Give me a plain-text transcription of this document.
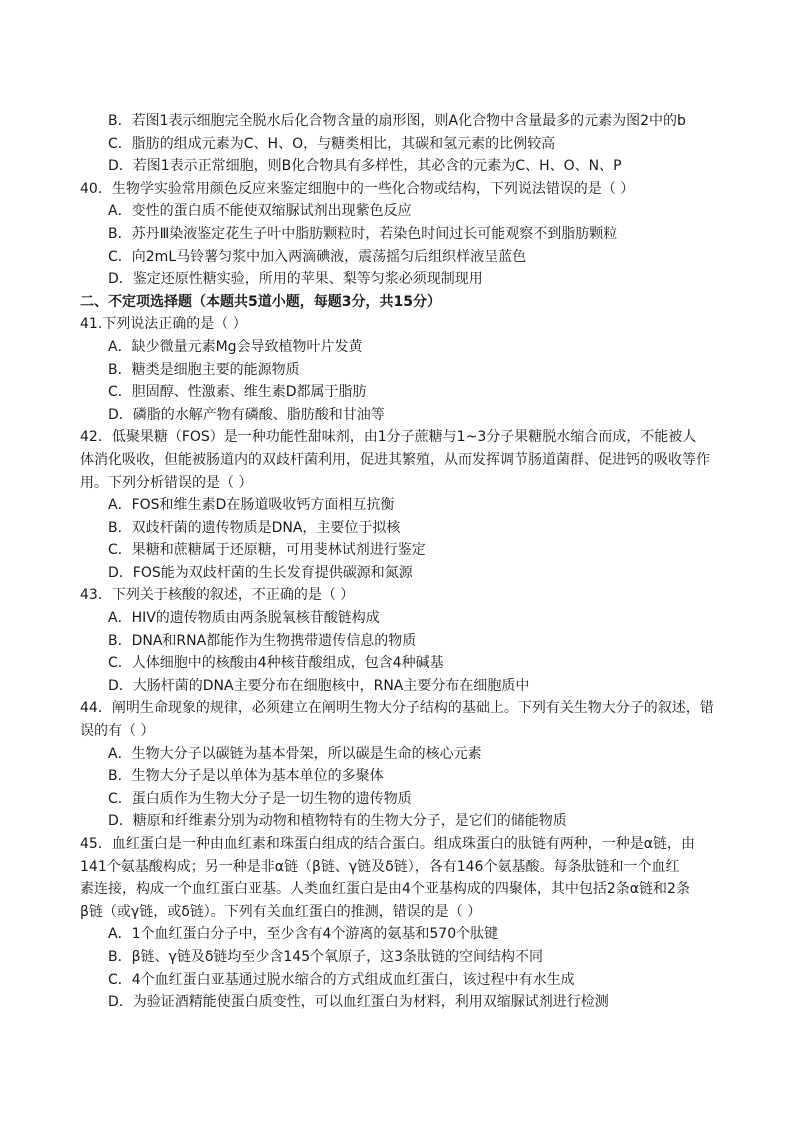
B．若图1表示细胞完全脱水后化合物含量的扇形图，则A化合物中含量最多的元素为图2中的b
C．脂肪的组成元素为C、H、O，与糖类相比，其碳和氢元素的比例较高
D．若图1表示正常细胞，则B化合物具有多样性，其必含的元素为C、H、O、N、P
40．生物学实验常用颜色反应来鉴定细胞中的一些化合物或结构，下列说法错误的是（ ）
A．变性的蛋白质不能使双缩脲试剂出现紫色反应
B．苏丹Ⅲ染液鉴定花生子叶中脂肪颗粒时，若染色时间过长可能观察不到脂肪颗粒
C．向2mL马铃薯匀浆中加入两滴碘液，震荡摇匀后组织样液呈蓝色
D．鉴定还原性糖实验，所用的苹果、梨等匀浆必须现制现用
二、不定项选择题（本题共5道小题，每题3分，共15分）
41.下列说法正确的是（ ）
A．缺少微量元素Mg会导致植物叶片发黄
B．糖类是细胞主要的能源物质
C．胆固醇、性激素、维生素D都属于脂肪
D．磷脂的水解产物有磷酸、脂肪酸和甘油等
42．低聚果糖（FOS）是一种功能性甜味剂，由1分子蔗糖与1~3分子果糖脱水缩合而成，不能被人
体消化吸收，但能被肠道内的双歧杆菌利用，促进其繁殖，从而发挥调节肠道菌群、促进钙的吸收等作
用。下列分析错误的是（ ）
A．FOS和维生素D在肠道吸收钙方面相互抗衡
B．双歧杆菌的遗传物质是DNA，主要位于拟核
C．果糖和蔗糖属于还原糖，可用斐林试剂进行鉴定
D．FOS能为双歧杆菌的生长发育提供碳源和氮源
43．下列关于核酸的叙述，不正确的是（ ）
A．HIV的遗传物质由两条脱氧核苷酸链构成
B．DNA和RNA都能作为生物携带遗传信息的物质
C．人体细胞中的核酸由4种核苷酸组成，包含4种碱基
D．大肠杆菌的DNA主要分布在细胞核中，RNA主要分布在细胞质中
44．阐明生命现象的规律，必须建立在阐明生物大分子结构的基础上。下列有关生物大分子的叙述，错
误的有（ ）
A．生物大分子以碳链为基本骨架，所以碳是生命的核心元素
B．生物大分子是以单体为基本单位的多聚体
C．蛋白质作为生物大分子是一切生物的遗传物质
D．糖原和纤维素分别为动物和植物特有的生物大分子，是它们的储能物质
45．血红蛋白是一种由血红素和珠蛋白组成的结合蛋白。组成珠蛋白的肽链有两种，一种是α链，由
141个氨基酸构成；另一种是非α链（β链、γ链及δ链），各有146个氨基酸。每条肽链和一个血红
素连接，构成一个血红蛋白亚基。人类血红蛋白是由4个亚基构成的四聚体，其中包括2条α链和2条
β链（或γ链，或δ链）。下列有关血红蛋白的推测，错误的是（ ）
A．1个血红蛋白分子中，至少含有4个游离的氨基和570个肽键
B．β链、γ链及δ链均至少含145个氧原子，这3条肽链的空间结构不同
C．4个血红蛋白亚基通过脱水缩合的方式组成血红蛋白，该过程中有水生成
D．为验证酒精能使蛋白质变性，可以血红蛋白为材料，利用双缩脲试剂进行检测
